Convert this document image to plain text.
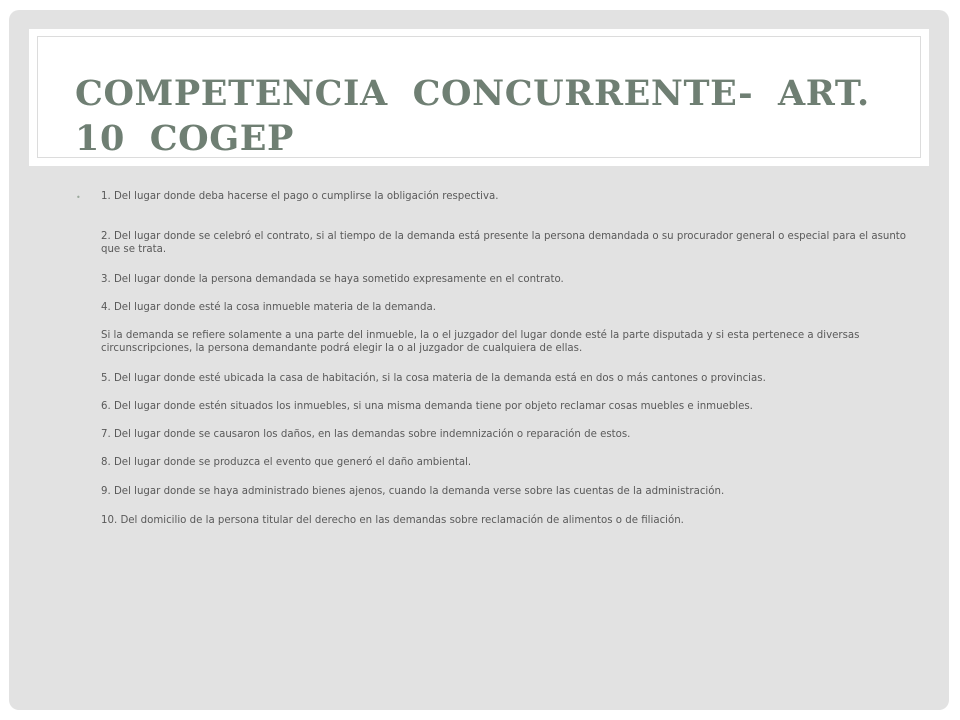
COMPETENCIA CONCURRENTE- ART. 10 COGEP
• 1. Del lugar donde deba hacerse el pago o cumplirse la obligación respectiva.

2. Del lugar donde se celebró el contrato, si al tiempo de la demanda está presente la persona demandada o su procurador general o especial para el asunto que se trata.

3. Del lugar donde la persona demandada se haya sometido expresamente en el contrato.

4. Del lugar donde esté la cosa inmueble materia de la demanda.

Si la demanda se refiere solamente a una parte del inmueble, la o el juzgador del lugar donde esté la parte disputada y si esta pertenece a diversas circunscripciones, la persona demandante podrá elegir la o al juzgador de cualquiera de ellas.

5. Del lugar donde esté ubicada la casa de habitación, si la cosa materia de la demanda está en dos o más cantones o provincias.

6. Del lugar donde estén situados los inmuebles, si una misma demanda tiene por objeto reclamar cosas muebles e inmuebles.

7. Del lugar donde se causaron los daños, en las demandas sobre indemnización o reparación de estos.

8. Del lugar donde se produzca el evento que generó el daño ambiental.

9. Del lugar donde se haya administrado bienes ajenos, cuando la demanda verse sobre las cuentas de la administración.

10. Del domicilio de la persona titular del derecho en las demandas sobre reclamación de alimentos o de filiación.
